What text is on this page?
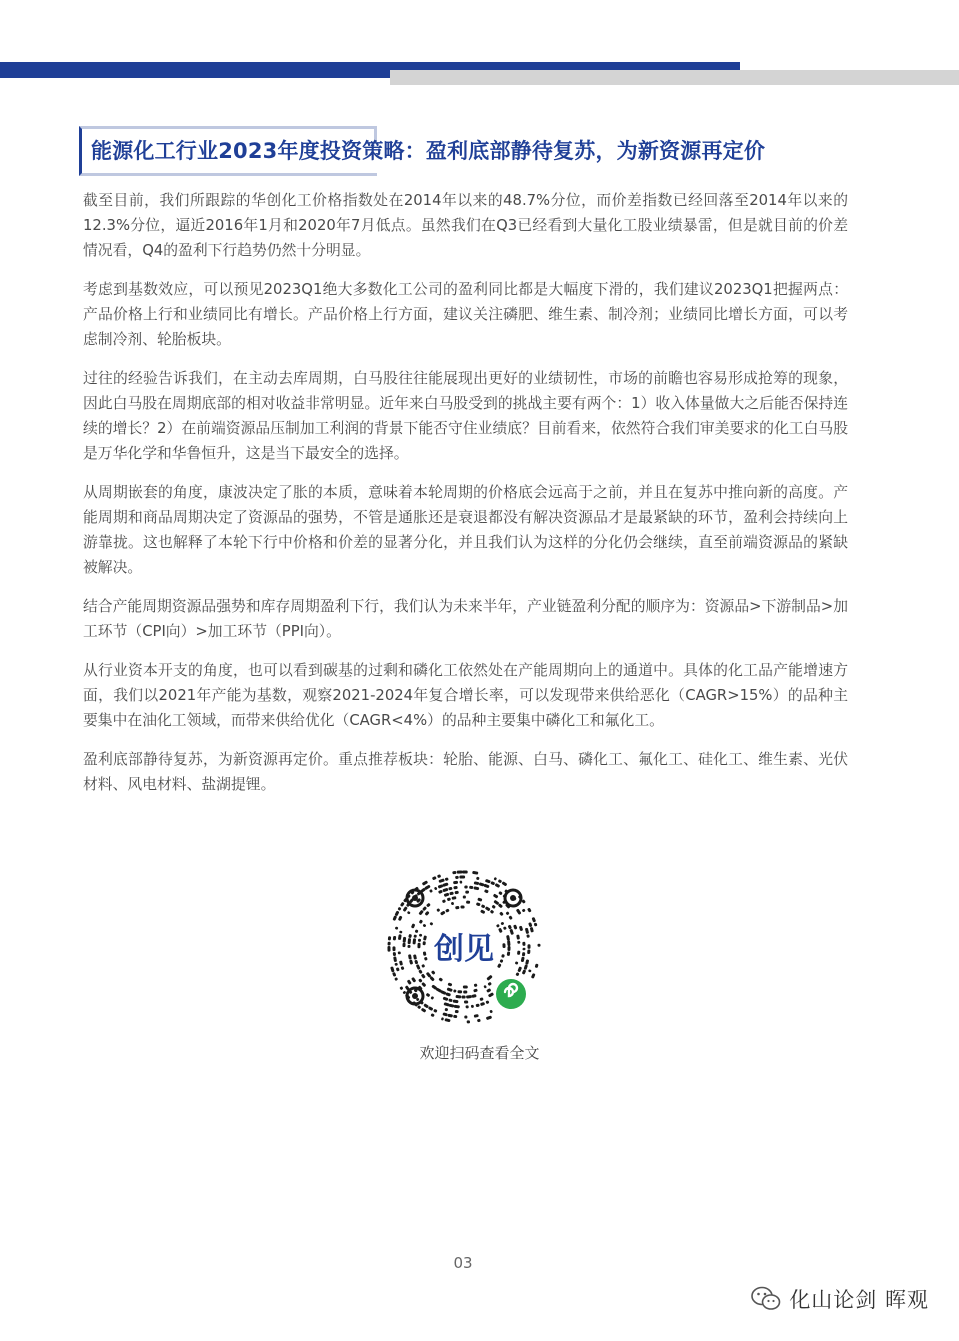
能源化工行业2023年度投资策略：盈利底部静待复苏，为新资源再定价

截至目前，我们所跟踪的华创化工价格指数处在2014年以来的48.7%分位，而价差指数已经回落至2014年以来的12.3%分位，逼近2016年1月和2020年7月低点。虽然我们在Q3已经看到大量化工股业绩暴雷，但是就目前的价差情况看，Q4的盈利下行趋势仍然十分明显。

考虑到基数效应，可以预见2023Q1绝大多数化工公司的盈利同比都是大幅度下滑的，我们建议2023Q1把握两点：产品价格上行和业绩同比有增长。产品价格上行方面，建议关注磷肥、维生素、制冷剂；业绩同比增长方面，可以考虑制冷剂、轮胎板块。

过往的经验告诉我们，在主动去库周期，白马股往往能展现出更好的业绩韧性，市场的前瞻也容易形成抢筹的现象，因此白马股在周期底部的相对收益非常明显。近年来白马股受到的挑战主要有两个：1）收入体量做大之后能否保持连续的增长？2）在前端资源品压制加工利润的背景下能否守住业绩底？目前看来，依然符合我们审美要求的化工白马股是万华化学和华鲁恒升，这是当下最安全的选择。

从周期嵌套的角度，康波决定了胀的本质，意味着本轮周期的价格底会远高于之前，并且在复苏中推向新的高度。产能周期和商品周期决定了资源品的强势，不管是通胀还是衰退都没有解决资源品才是最紧缺的环节，盈利会持续向上游靠拢。这也解释了本轮下行中价格和价差的显著分化，并且我们认为这样的分化仍会继续，直至前端资源品的紧缺被解决。

结合产能周期资源品强势和库存周期盈利下行，我们认为未来半年，产业链盈利分配的顺序为：资源品>下游制品>加工环节（CPI向）>加工环节（PPI向）。

从行业资本开支的角度，也可以看到碳基的过剩和磷化工依然处在产能周期向上的通道中。具体的化工品产能增速方面，我们以2021年产能为基数，观察2021-2024年复合增长率，可以发现带来供给恶化（CAGR>15%）的品种主要集中在油化工领域，而带来供给优化（CAGR<4%）的品种主要集中磷化工和氟化工。

盈利底部静待复苏，为新资源再定价。重点推荐板块：轮胎、能源、白马、磷化工、氟化工、硅化工、维生素、光伏材料、风电材料、盐湖提锂。

创见
欢迎扫码查看全文
03
化山论剑 晖观
